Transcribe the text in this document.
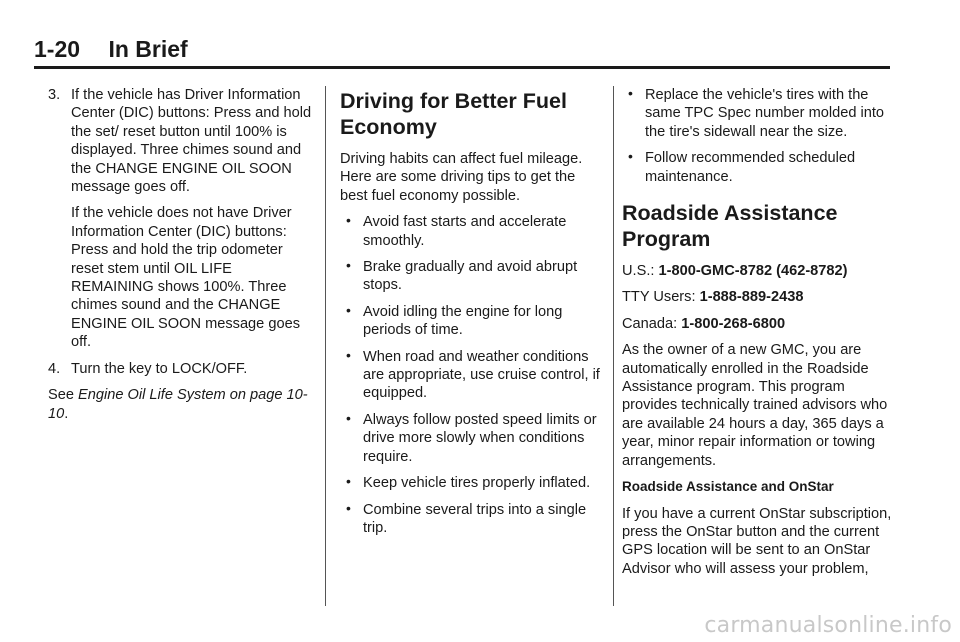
1-20 In Brief
3. If the vehicle has Driver Information Center (DIC) buttons: Press and hold the set/ reset button until 100% is displayed. Three chimes sound and the CHANGE ENGINE OIL SOON message goes off.

If the vehicle does not have Driver Information Center (DIC) buttons: Press and hold the trip odometer reset stem until OIL LIFE REMAINING shows 100%. Three chimes sound and the CHANGE ENGINE OIL SOON message goes off.

4. Turn the key to LOCK/OFF.

See Engine Oil Life System on page 10-10.

Driving for Better Fuel Economy

Driving habits can affect fuel mileage. Here are some driving tips to get the best fuel economy possible.

• Avoid fast starts and accelerate smoothly.
• Brake gradually and avoid abrupt stops.
• Avoid idling the engine for long periods of time.
• When road and weather conditions are appropriate, use cruise control, if equipped.
• Always follow posted speed limits or drive more slowly when conditions require.
• Keep vehicle tires properly inflated.
• Combine several trips into a single trip.
• Replace the vehicle's tires with the same TPC Spec number molded into the tire's sidewall near the size.
• Follow recommended scheduled maintenance.
Roadside Assistance Program

U.S.: 1-800-GMC-8782 (462-8782)

TTY Users: 1-888-889-2438

Canada: 1-800-268-6800

As the owner of a new GMC, you are automatically enrolled in the Roadside Assistance program. This program provides technically trained advisors who are available 24 hours a day, 365 days a year, minor repair information or towing arrangements.

Roadside Assistance and OnStar

If you have a current OnStar subscription, press the OnStar button and the current GPS location will be sent to an OnStar Advisor who will assess your problem,

carmanualsonline.info
